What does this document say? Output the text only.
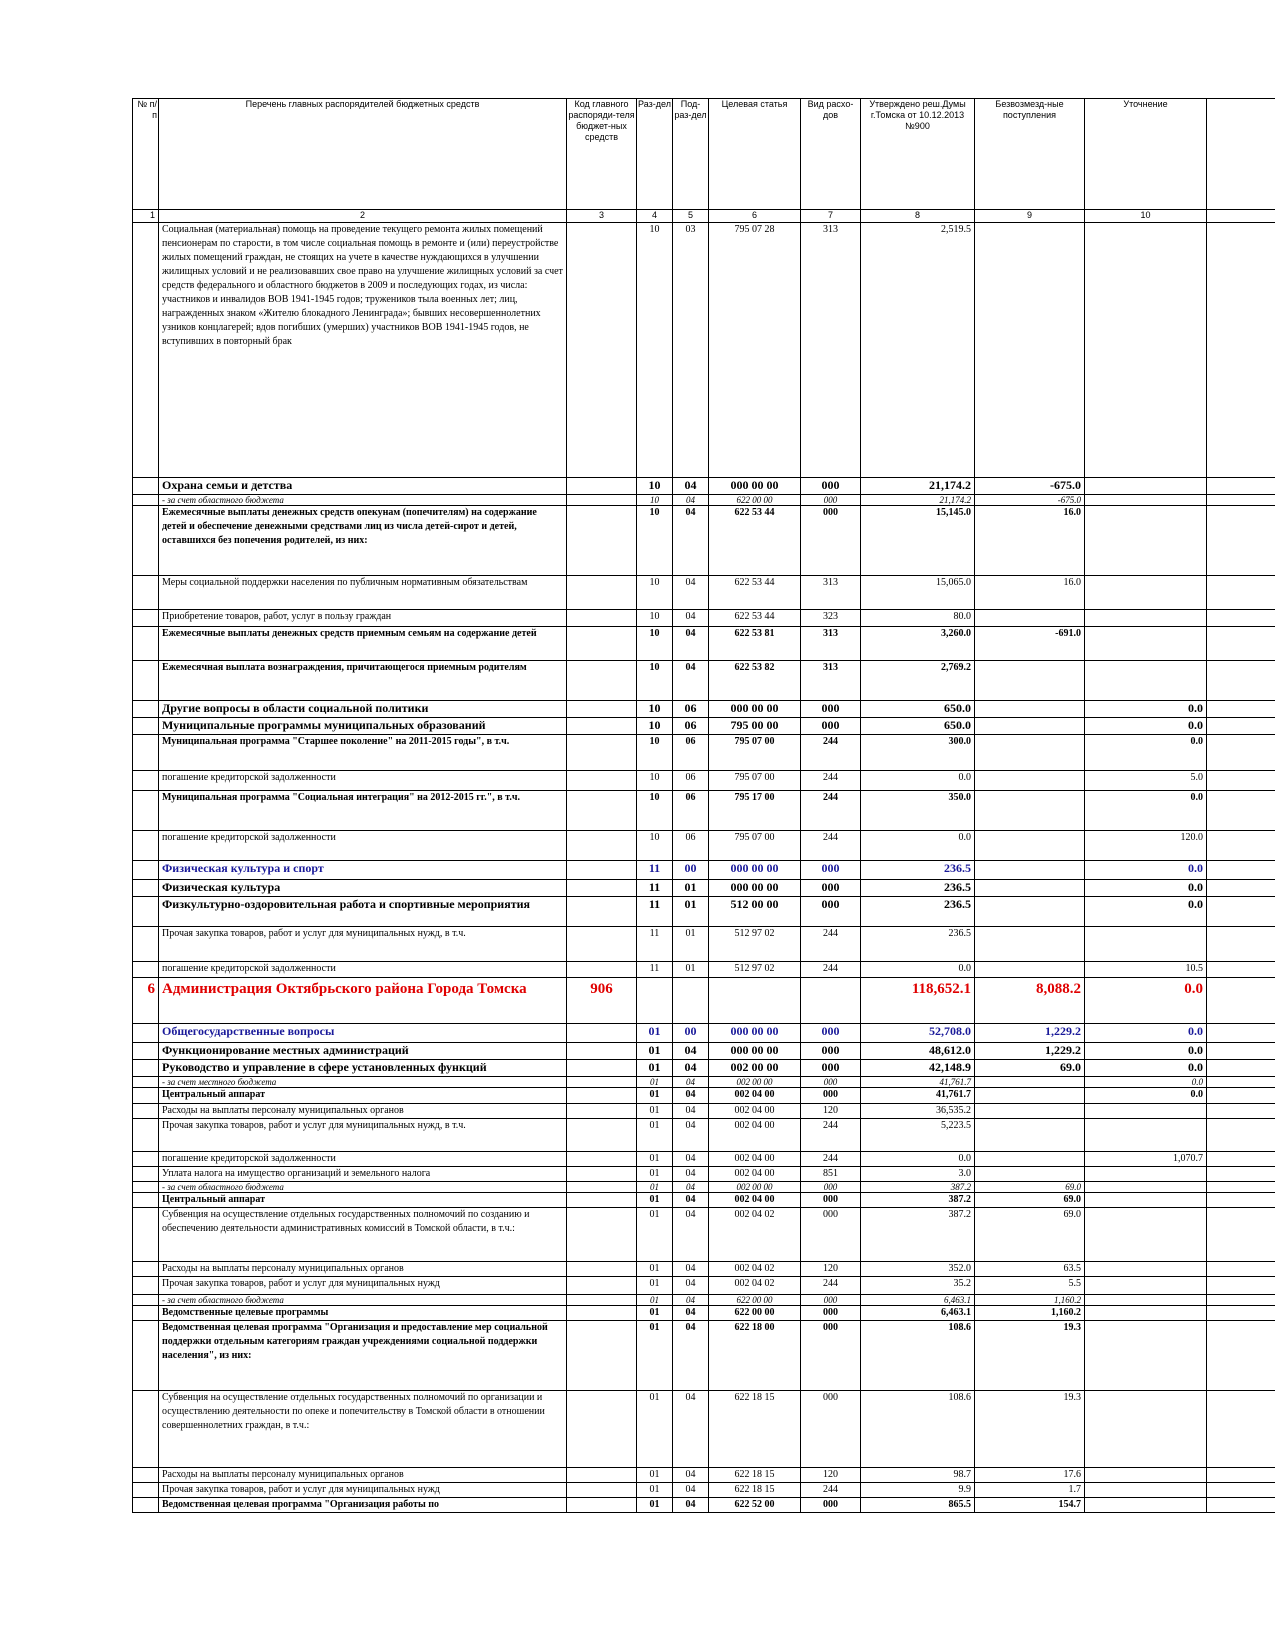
№ п/п	Перечень главных распорядителей бюджетных средств	Код главного распоряди-теля бюджет-ных средств	Раз-дел	Под-раз-дел	Целевая статья	Вид расхо-дов	Утверждено реш.Думы г.Томска от 10.12.2013 №900	Безвозмезд-ные поступления	Уточнение	
1	2	3	4	5	6	7	8	9	10	
	Социальная (материальная) помощь на проведение текущего ремонта жилых помещений пенсионерам по старости, в том числе социальная помощь в ремонте и (или) переустройстве жилых помещений граждан, не стоящих на учете в качестве нуждающихся в улучшении жилищных условий и не реализовавших свое право на улучшение жилищных условий за счет средств федерального и областного бюджетов в 2009 и последующих годах, из числа: участников и инвалидов ВОВ 1941-1945 годов; тружеников тыла военных лет; лиц, награжденных знаком «Жителю блокадного Ленинграда»; бывших несовершеннолетних узников концлагерей; вдов погибших (умерших) участников ВОВ 1941-1945 годов, не вступивших в повторный брак		10	03	795 07 28	313	2,519.5			
	Охрана семьи и детства		10	04	000 00 00	000	21,174.2	-675.0		
	- за счет областного бюджета		10	04	622 00 00	000	21,174.2	-675.0		
	Ежемесячные выплаты денежных средств опекунам (попечителям) на содержание детей и обеспечение денежными средствами лиц из числа детей-сирот и детей, оставшихся без попечения родителей, из них:		10	04	622 53 44	000	15,145.0	16.0		
	Меры социальной поддержки населения по публичным нормативным обязательствам		10	04	622 53 44	313	15,065.0	16.0		
	Приобретение товаров, работ, услуг в пользу граждан		10	04	622 53 44	323	80.0			
	Ежемесячные выплаты денежных средств приемным семьям на содержание детей		10	04	622 53 81	313	3,260.0	-691.0		
	Ежемесячная выплата вознаграждения, причитающегося приемным родителям		10	04	622 53 82	313	2,769.2			
	Другие вопросы в области социальной политики		10	06	000 00 00	000	650.0		0.0	
	Муниципальные программы муниципальных образований		10	06	795 00 00	000	650.0		0.0	
	Муниципальная программа "Старшее поколение" на 2011-2015 годы", в т.ч.		10	06	795 07 00	244	300.0		0.0	
	погашение кредиторской задолженности		10	06	795 07 00	244	0.0		5.0	
	Муниципальная программа "Социальная интеграция" на 2012-2015 гг.", в т.ч.		10	06	795 17 00	244	350.0		0.0	
	погашение кредиторской задолженности		10	06	795 07 00	244	0.0		120.0	
	Физическая культура и спорт		11	00	000 00 00	000	236.5		0.0	
	Физическая культура		11	01	000 00 00	000	236.5		0.0	
	Физкультурно-оздоровительная работа и спортивные мероприятия		11	01	512 00 00	000	236.5		0.0	
	Прочая закупка товаров, работ и услуг для муниципальных нужд, в т.ч.		11	01	512 97 02	244	236.5			
	погашение кредиторской задолженности		11	01	512 97 02	244	0.0		10.5	
6	Администрация Октябрьского района Города Томска	906					118,652.1	8,088.2	0.0	
	Общегосударственные вопросы		01	00	000 00 00	000	52,708.0	1,229.2	0.0	
	Функционирование местных администраций		01	04	000 00 00	000	48,612.0	1,229.2	0.0	
	Руководство и управление в сфере установленных функций		01	04	002 00 00	000	42,148.9	69.0	0.0	
	- за счет местного бюджета		01	04	002 00 00	000	41,761.7		0.0	
	Центральный аппарат		01	04	002 04 00	000	41,761.7		0.0	
	Расходы на выплаты персоналу муниципальных органов		01	04	002 04 00	120	36,535.2			
	Прочая закупка товаров, работ и услуг для муниципальных нужд, в т.ч.		01	04	002 04 00	244	5,223.5			
	погашение кредиторской задолженности		01	04	002 04 00	244	0.0		1,070.7	
	Уплата налога на имущество организаций и земельного налога		01	04	002 04 00	851	3.0			
	- за счет областного бюджета		01	04	002 00 00	000	387.2	69.0		
	Центральный аппарат		01	04	002 04 00	000	387.2	69.0		
	Субвенция на осуществление отдельных государственных полномочий по созданию и обеспечению деятельности административных комиссий в Томской области, в т.ч.:		01	04	002 04 02	000	387.2	69.0		
	Расходы на выплаты персоналу муниципальных органов		01	04	002 04 02	120	352.0	63.5		
	Прочая закупка товаров, работ и услуг для муниципальных нужд		01	04	002 04 02	244	35.2	5.5		
	- за счет областного бюджета		01	04	622 00 00	000	6,463.1	1,160.2		
	Ведомственные целевые программы		01	04	622 00 00	000	6,463.1	1,160.2		
	Ведомственная целевая программа "Организация и предоставление мер социальной поддержки отдельным категориям граждан учреждениями социальной поддержки населения", из них:		01	04	622 18 00	000	108.6	19.3		
	Субвенция на осуществление отдельных государственных полномочий по организации и осуществлению деятельности по опеке и попечительству в Томской области в отношении совершеннолетних граждан, в т.ч.:		01	04	622 18 15	000	108.6	19.3		
	Расходы на выплаты персоналу муниципальных органов		01	04	622 18 15	120	98.7	17.6		
	Прочая закупка товаров, работ и услуг для муниципальных нужд		01	04	622 18 15	244	9.9	1.7		
	Ведомственная целевая программа "Организация работы по		01	04	622 52 00	000	865.5	154.7		
